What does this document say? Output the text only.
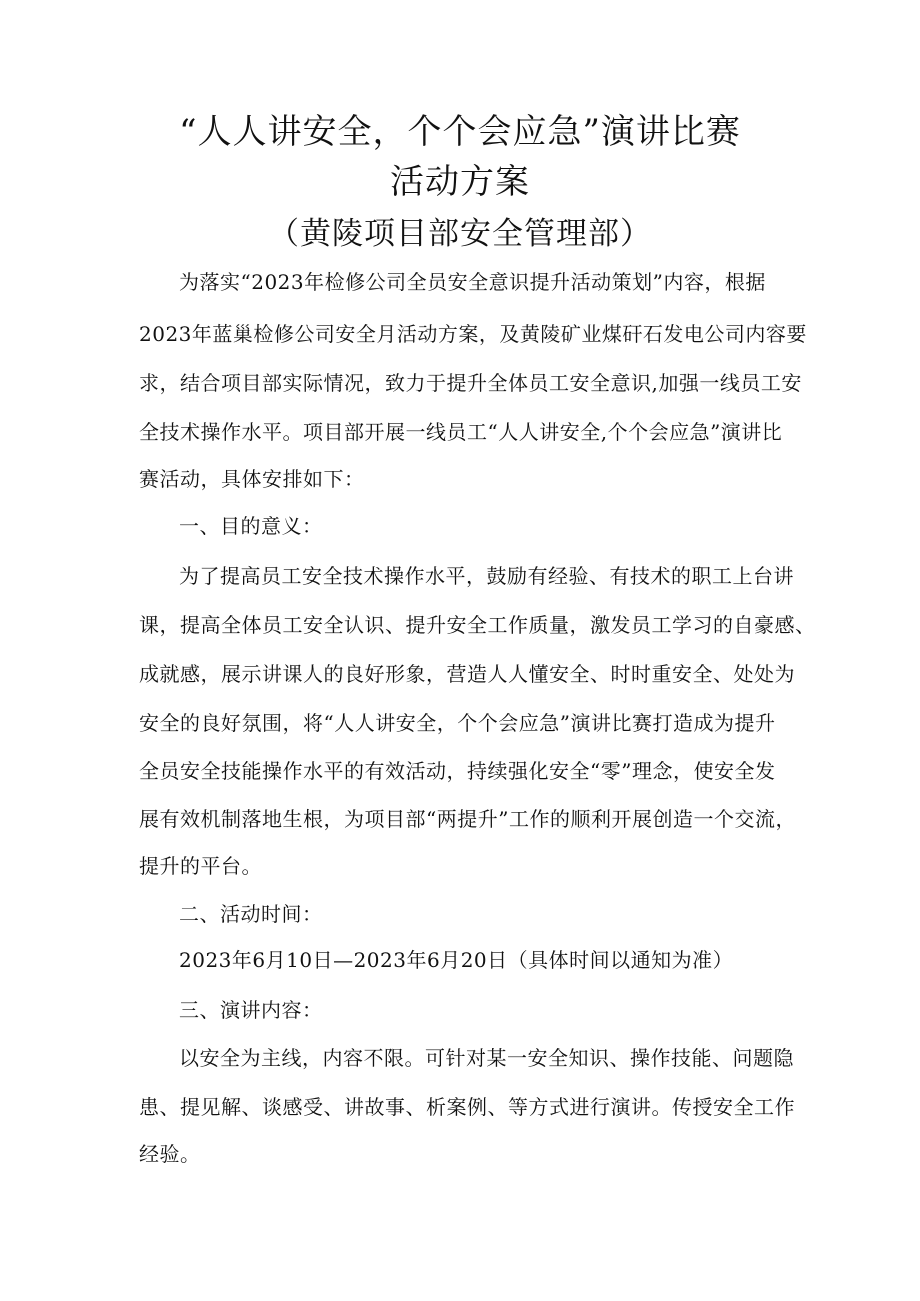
“人人讲安全，个个会应急”演讲比赛
活动方案
（黄陵项目部安全管理部）
为落实“2023年检修公司全员安全意识提升活动策划”内容，根据
2023年蓝巢检修公司安全月活动方案，及黄陵矿业煤矸石发电公司内容要
求，结合项目部实际情况，致力于提升全体员工安全意识,加强一线员工安
全技术操作水平。项目部开展一线员工“人人讲安全,个个会应急”演讲比
赛活动，具体安排如下：
一、目的意义：
为了提高员工安全技术操作水平，鼓励有经验、有技术的职工上台讲
课，提高全体员工安全认识、提升安全工作质量，激发员工学习的自豪感、
成就感，展示讲课人的良好形象，营造人人懂安全、时时重安全、处处为
安全的良好氛围，将“人人讲安全，个个会应急”演讲比赛打造成为提升
全员安全技能操作水平的有效活动，持续强化安全“零”理念，使安全发
展有效机制落地生根，为项目部“两提升”工作的顺利开展创造一个交流，
提升的平台。
二、活动时间：
2023年6月10日—2023年6月20日（具体时间以通知为准）
三、演讲内容：
以安全为主线，内容不限。可针对某一安全知识、操作技能、问题隐
患、提见解、谈感受、讲故事、析案例、等方式进行演讲。传授安全工作
经验。
